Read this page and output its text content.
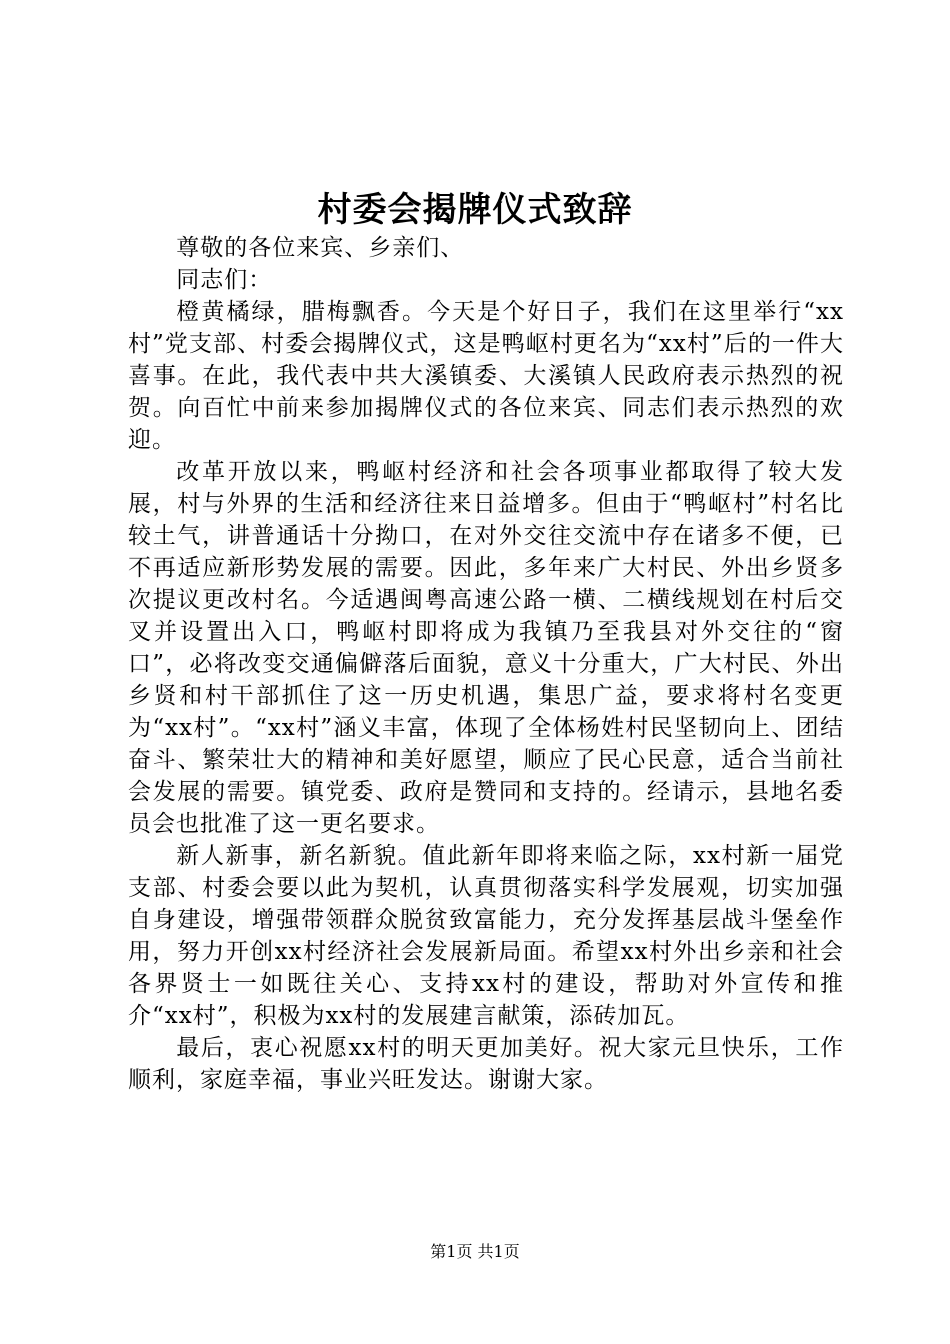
村委会揭牌仪式致辞

尊敬的各位来宾、乡亲们、

同志们：

橙黄橘绿，腊梅飘香。今天是个好日子，我们在这里举行“xx村”党支部、村委会揭牌仪式，这是鸭岖村更名为“xx村”后的一件大喜事。在此，我代表中共大溪镇委、大溪镇人民政府表示热烈的祝贺。向百忙中前来参加揭牌仪式的各位来宾、同志们表示热烈的欢迎。

改革开放以来，鸭岖村经济和社会各项事业都取得了较大发展，村与外界的生活和经济往来日益增多。但由于“鸭岖村”村名比较土气，讲普通话十分拗口，在对外交往交流中存在诸多不便，已不再适应新形势发展的需要。因此，多年来广大村民、外出乡贤多次提议更改村名。今适遇闽粤高速公路一横、二横线规划在村后交叉并设置出入口，鸭岖村即将成为我镇乃至我县对外交往的“窗口”，必将改变交通偏僻落后面貌，意义十分重大，广大村民、外出乡贤和村干部抓住了这一历史机遇，集思广益，要求将村名变更为“xx村”。“xx村”涵义丰富，体现了全体杨姓村民坚韧向上、团结奋斗、繁荣壮大的精神和美好愿望，顺应了民心民意，适合当前社会发展的需要。镇党委、政府是赞同和支持的。经请示，县地名委员会也批准了这一更名要求。

新人新事，新名新貌。值此新年即将来临之际，xx村新一届党支部、村委会要以此为契机，认真贯彻落实科学发展观，切实加强自身建设，增强带领群众脱贫致富能力，充分发挥基层战斗堡垒作用，努力开创xx村经济社会发展新局面。希望xx村外出乡亲和社会各界贤士一如既往关心、支持xx村的建设，帮助对外宣传和推介“xx村”，积极为xx村的发展建言献策，添砖加瓦。

最后，衷心祝愿xx村的明天更加美好。祝大家元旦快乐，工作顺利，家庭幸福，事业兴旺发达。谢谢大家。

第1页 共1页
